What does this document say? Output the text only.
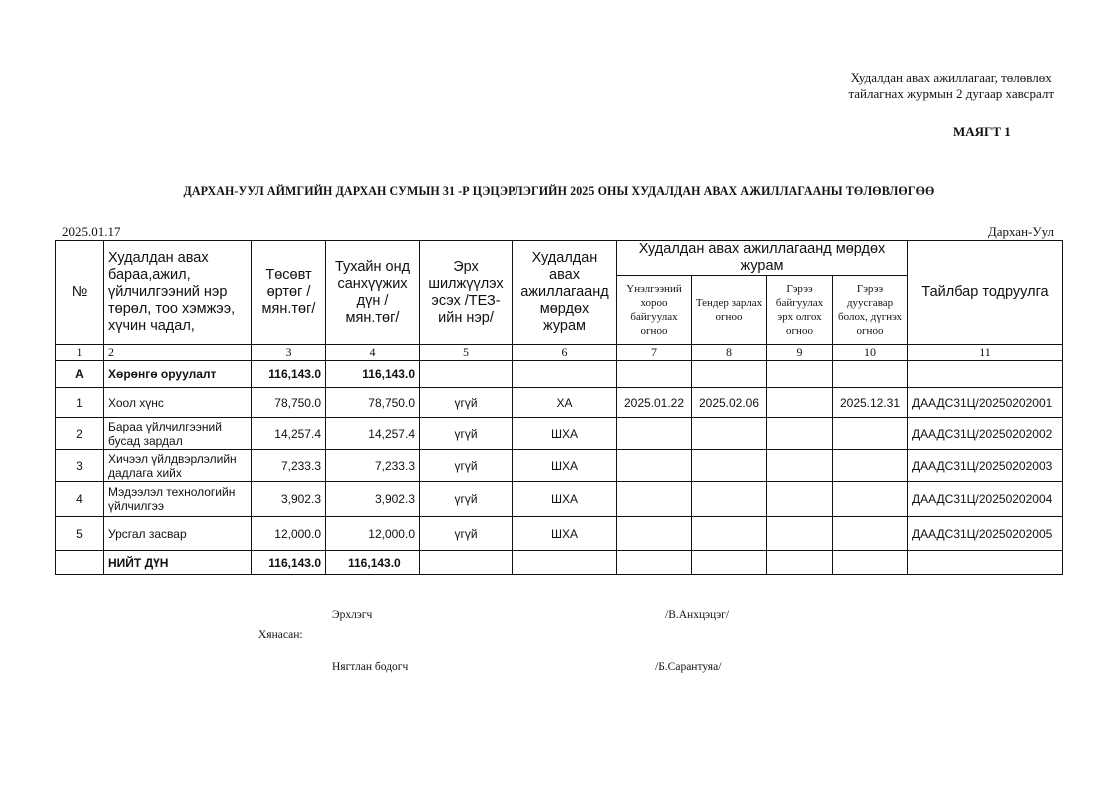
Худалдан авах ажиллагааг, төлөвлөх
тайлагнах журмын 2 дугаар хавсралт
МАЯГТ 1
ДАРХАН-УУЛ АЙМГИЙН ДАРХАН СУМЫН 31 -Р ЦЭЦЭРЛЭГИЙН 2025 ОНЫ ХУДАЛДАН АВАХ АЖИЛЛАГААНЫ ТӨЛӨВЛӨГӨӨ
2025.01.17	Дархан-Уул
№	Худалдан авах бараа,ажил, үйлчилгээний нэр төрөл, тоо хэмжээ, хүчин чадал,	Төсөвт өртөг /мян.төг/	Тухайн онд санхүүжих дүн /мян.төг/	Эрх шилжүүлэх эсэх /ТЕЗ-ийн нэр/	Худалдан авах ажиллагаанд мөрдөх журам	Худалдан авах ажиллагаанд мөрдөх журам				Тайлбар тодруулга
						Үнэлгээний хороо байгуулах огноо	Тендер зарлах огноо	Гэрээ байгуулах эрх олгох огноо	Гэрээ дуусгавар болох, дүгнэх огноо	
1	2	3	4	5	6	7	8	9	10	11
А	Хөрөнгө оруулалт	116,143.0	116,143.0							
1	Хоол хүнс	78,750.0	78,750.0	үгүй	ХА	2025.01.22	2025.02.06		2025.12.31	ДААДС31Ц/20250202001
2	Бараа үйлчилгээний бусад зардал	14,257.4	14,257.4	үгүй	ШХА					ДААДС31Ц/20250202002
3	Хичээл үйлдвэрлэлийн дадлага хийх	7,233.3	7,233.3	үгүй	ШХА					ДААДС31Ц/20250202003
4	Мэдээлэл технологийн үйлчилгээ	3,902.3	3,902.3	үгүй	ШХА					ДААДС31Ц/20250202004
5	Урсгал засвар	12,000.0	12,000.0	үгүй	ШХА					ДААДС31Ц/20250202005
	НИЙТ ДҮН	116,143.0	116,143.0							
Эрхлэгч	/В.Анхцэцэг/
Хянасан:
Нягтлан бодогч	/Б.Сарантуяа/
